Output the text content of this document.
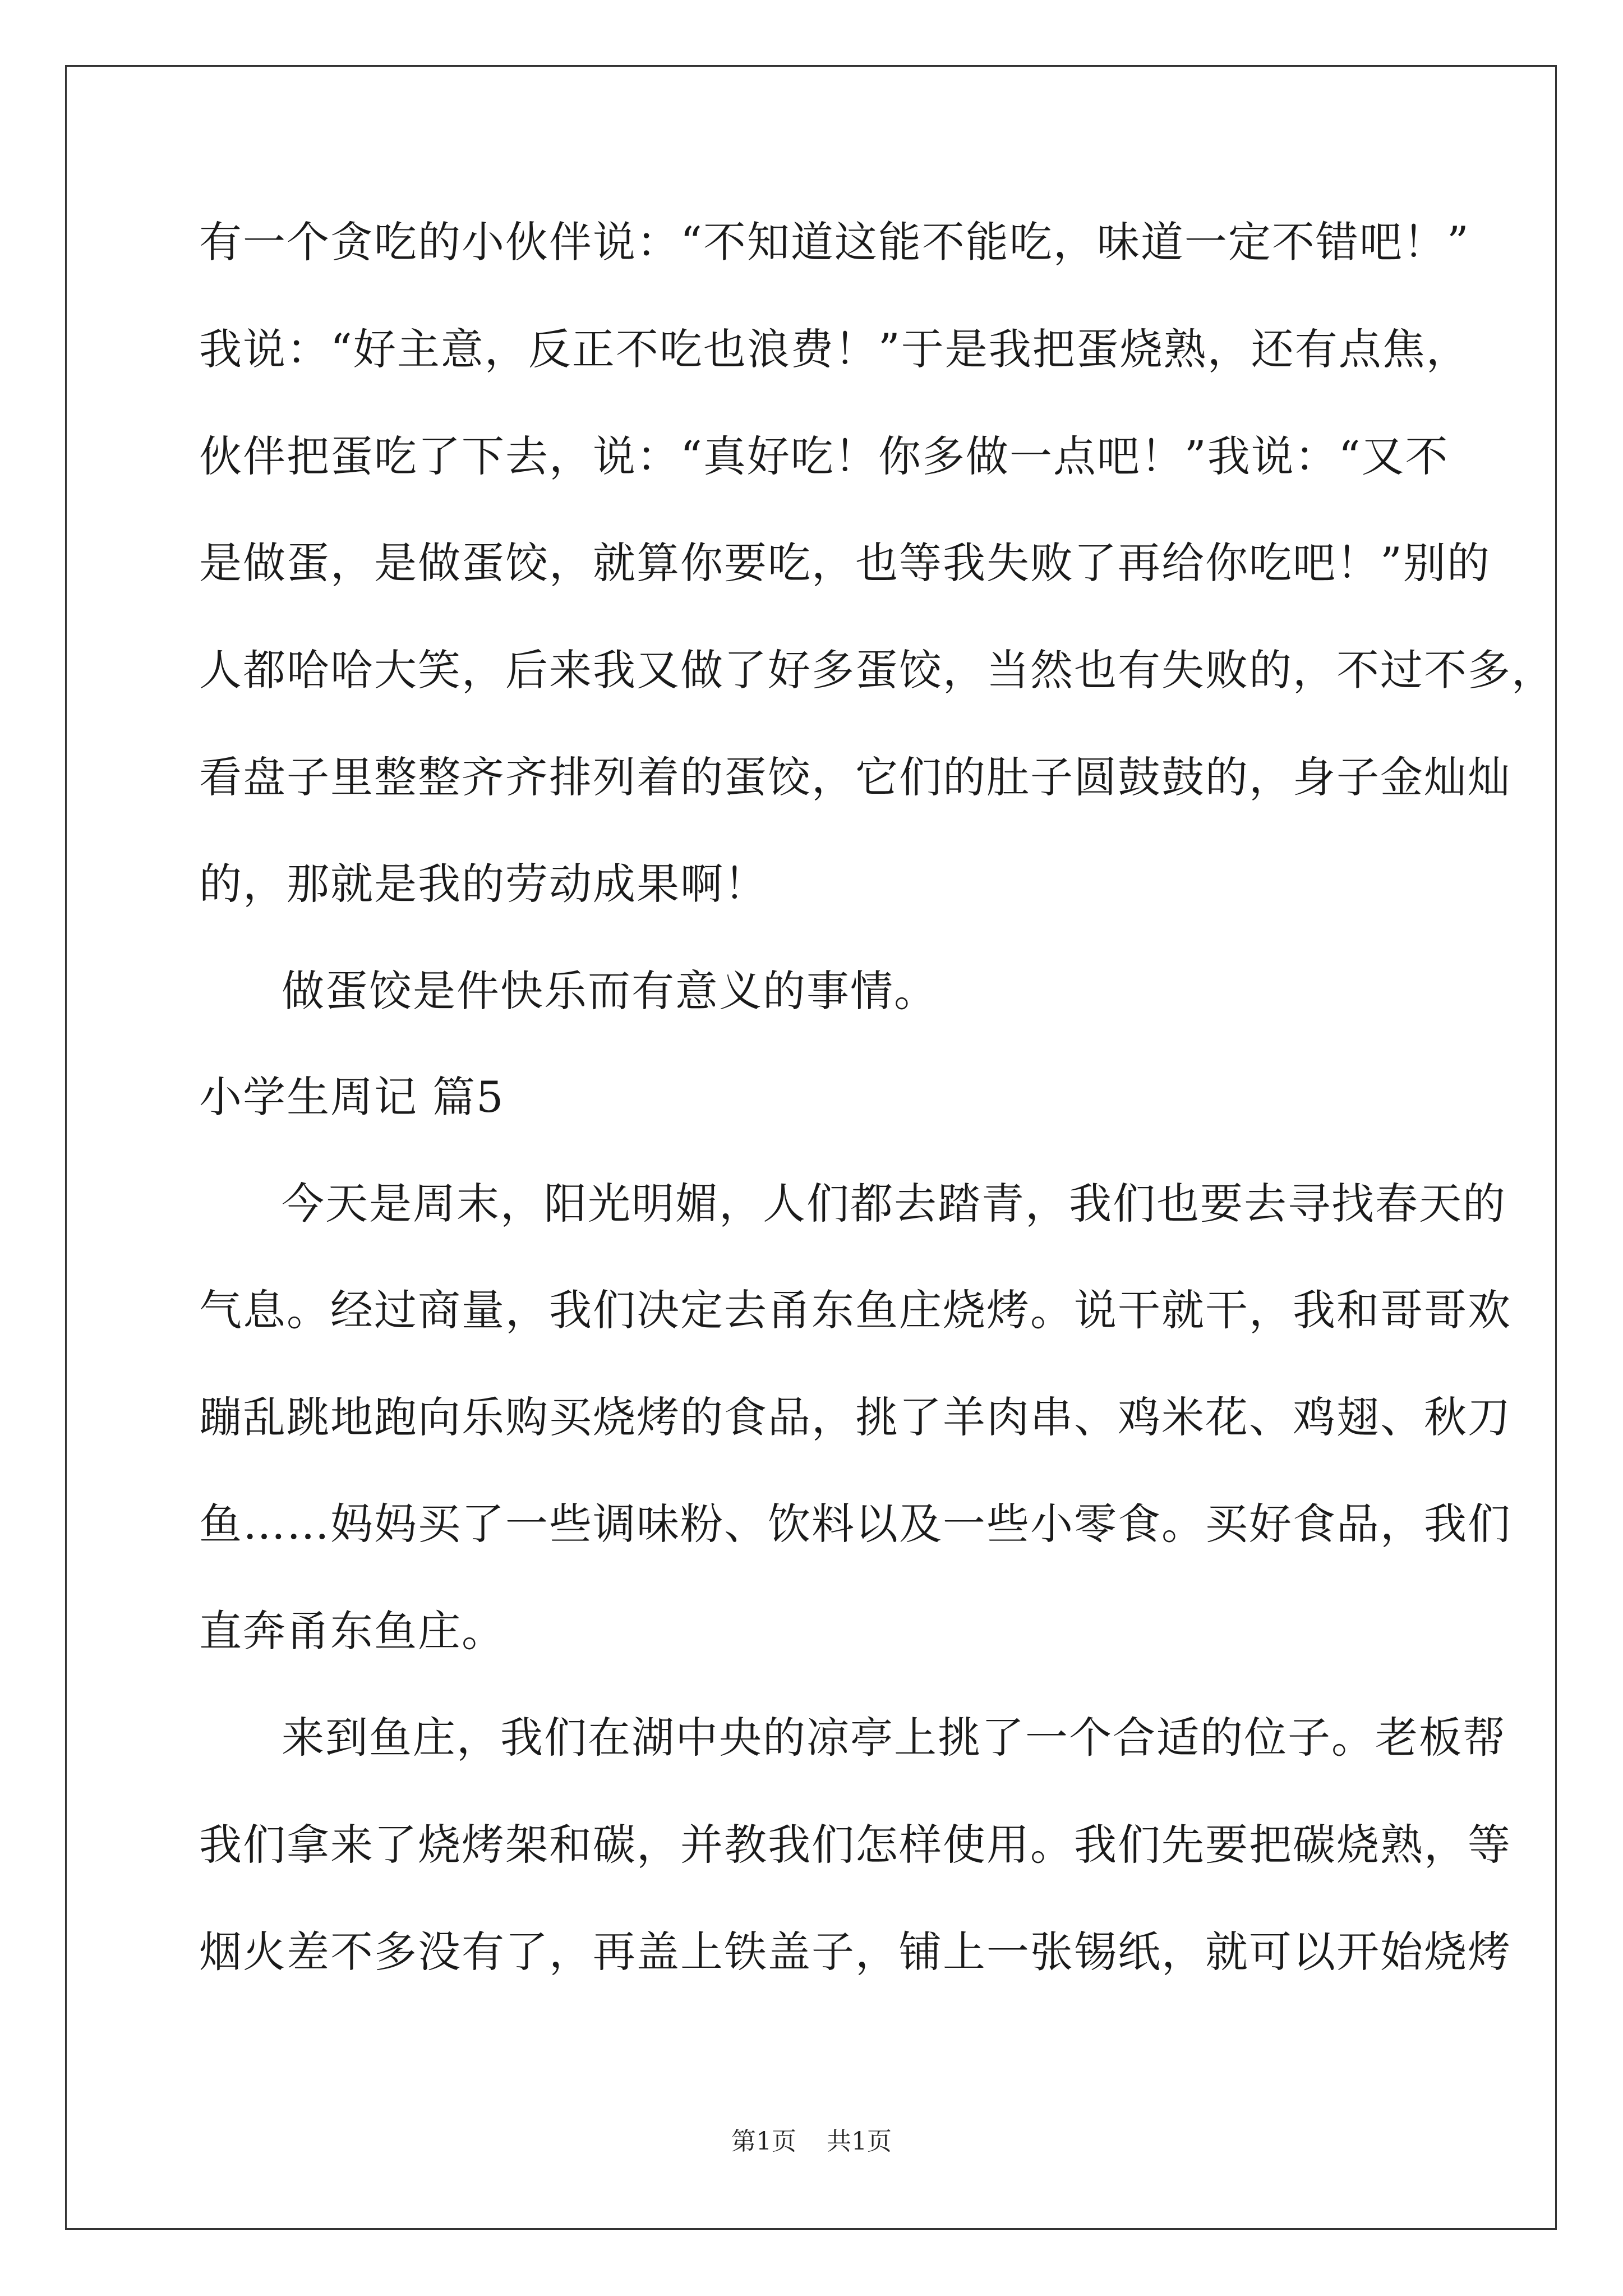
有一个贪吃的小伙伴说：“不知道这能不能吃，味道一定不错吧！”
我说：“好主意，反正不吃也浪费！”于是我把蛋烧熟，还有点焦，
伙伴把蛋吃了下去，说：“真好吃！你多做一点吧！”我说：“又不
是做蛋，是做蛋饺，就算你要吃，也等我失败了再给你吃吧！”别的
人都哈哈大笑，后来我又做了好多蛋饺，当然也有失败的，不过不多，
看盘子里整整齐齐排列着的蛋饺，它们的肚子圆鼓鼓的，身子金灿灿
的，那就是我的劳动成果啊！
做蛋饺是件快乐而有意义的事情。
小学生周记 篇5
今天是周末，阳光明媚，人们都去踏青，我们也要去寻找春天的
气息。经过商量，我们决定去甬东鱼庄烧烤。说干就干，我和哥哥欢
蹦乱跳地跑向乐购买烧烤的食品，挑了羊肉串、鸡米花、鸡翅、秋刀
鱼……妈妈买了一些调味粉、饮料以及一些小零食。买好食品，我们
直奔甬东鱼庄。
来到鱼庄，我们在湖中央的凉亭上挑了一个合适的位子。老板帮
我们拿来了烧烤架和碳，并教我们怎样使用。我们先要把碳烧熟，等
烟火差不多没有了，再盖上铁盖子，铺上一张锡纸，就可以开始烧烤
第1页 共1页
